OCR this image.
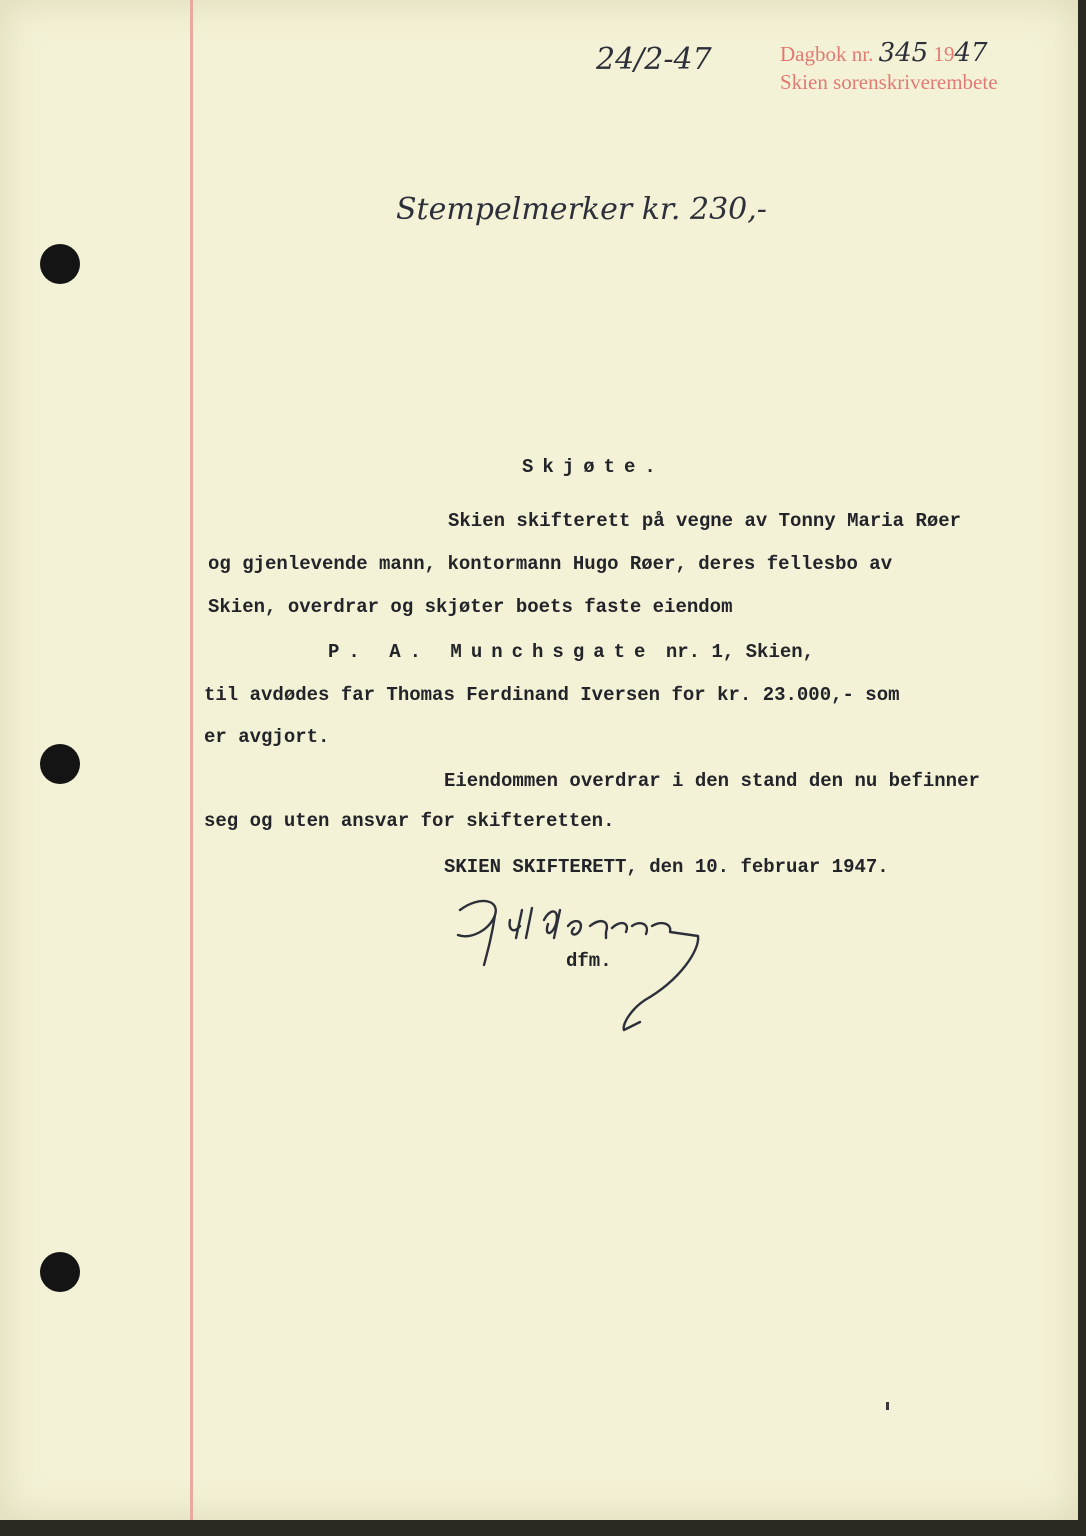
24/2-47	Dagbok nr. 345 1947
Skien sorenskriverembete
Stempelmerker kr. 230,-
Skjøte.
Skien skifterett på vegne av Tonny Maria Røer
og gjenlevende mann, kontormann Hugo Røer, deres fellesbo av
Skien, overdrar og skjøter boets faste eiendom
P. A. Munchsgate nr. 1, Skien,
til avdødes far Thomas Ferdinand Iversen for kr. 23.000,- som
er avgjort.
Eiendommen overdrar i den stand den nu befinner
seg og uten ansvar for skifteretten.
SKIEN SKIFTERETT, den 10. februar 1947.
dfm.
